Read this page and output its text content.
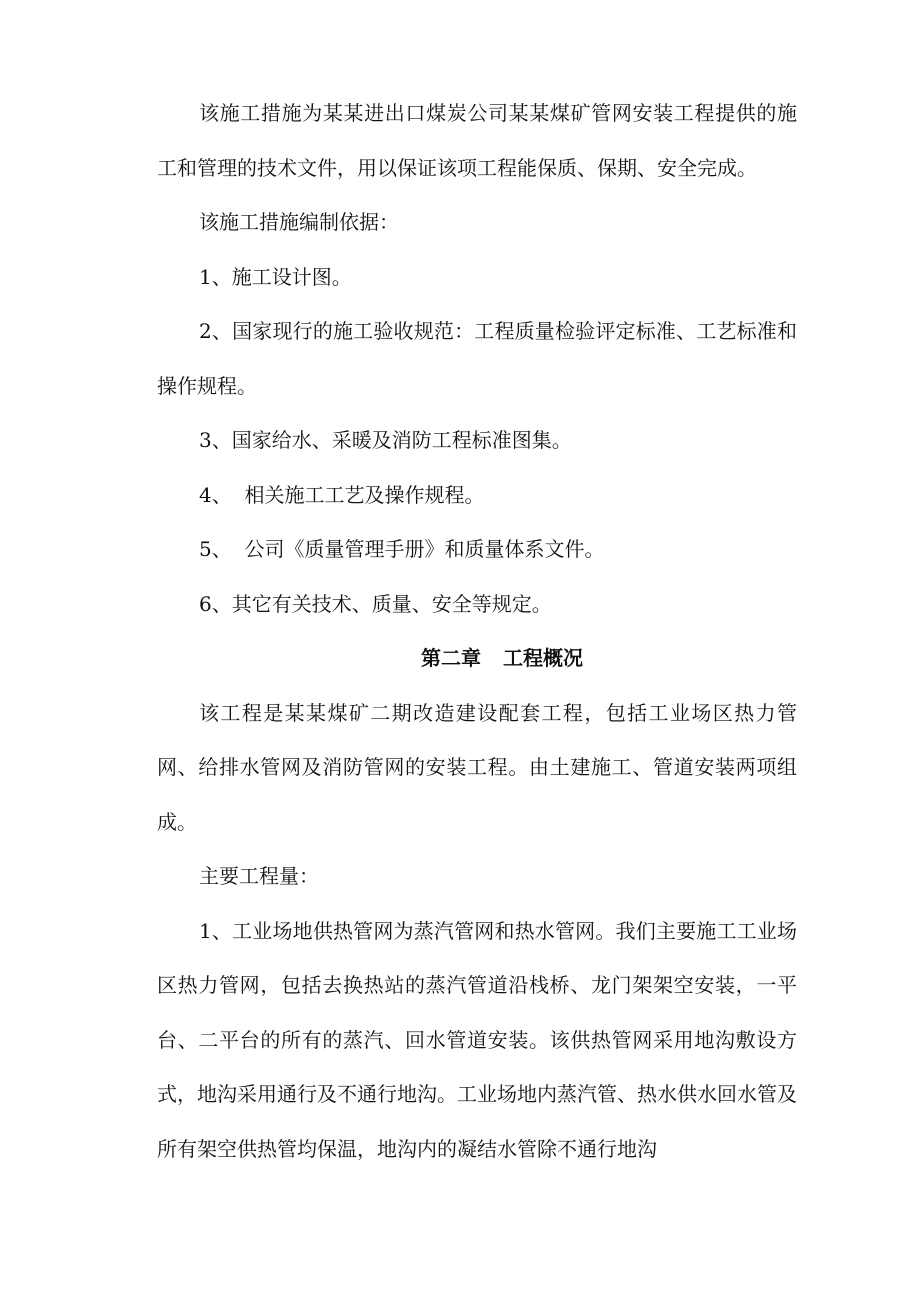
该施工措施为某某进出口煤炭公司某某煤矿管网安装工程提供的施工和管理的技术文件，用以保证该项工程能保质、保期、安全完成。

该施工措施编制依据：

1、施工设计图。

2、国家现行的施工验收规范：工程质量检验评定标准、工艺标准和操作规程。

3、国家给水、采暖及消防工程标准图集。

4、  相关施工工艺及操作规程。

5、  公司《质量管理手册》和质量体系文件。

6、其它有关技术、质量、安全等规定。

第二章 工程概况

该工程是某某煤矿二期改造建设配套工程，包括工业场区热力管网、给排水管网及消防管网的安装工程。由土建施工、管道安装两项组成。

主要工程量：

1、工业场地供热管网为蒸汽管网和热水管网。我们主要施工工业场区热力管网，包括去换热站的蒸汽管道沿栈桥、龙门架架空安装，一平台、二平台的所有的蒸汽、回水管道安装。该供热管网采用地沟敷设方式，地沟采用通行及不通行地沟。工业场地内蒸汽管、热水供水回水管及所有架空供热管均保温，地沟内的凝结水管除不通行地沟
